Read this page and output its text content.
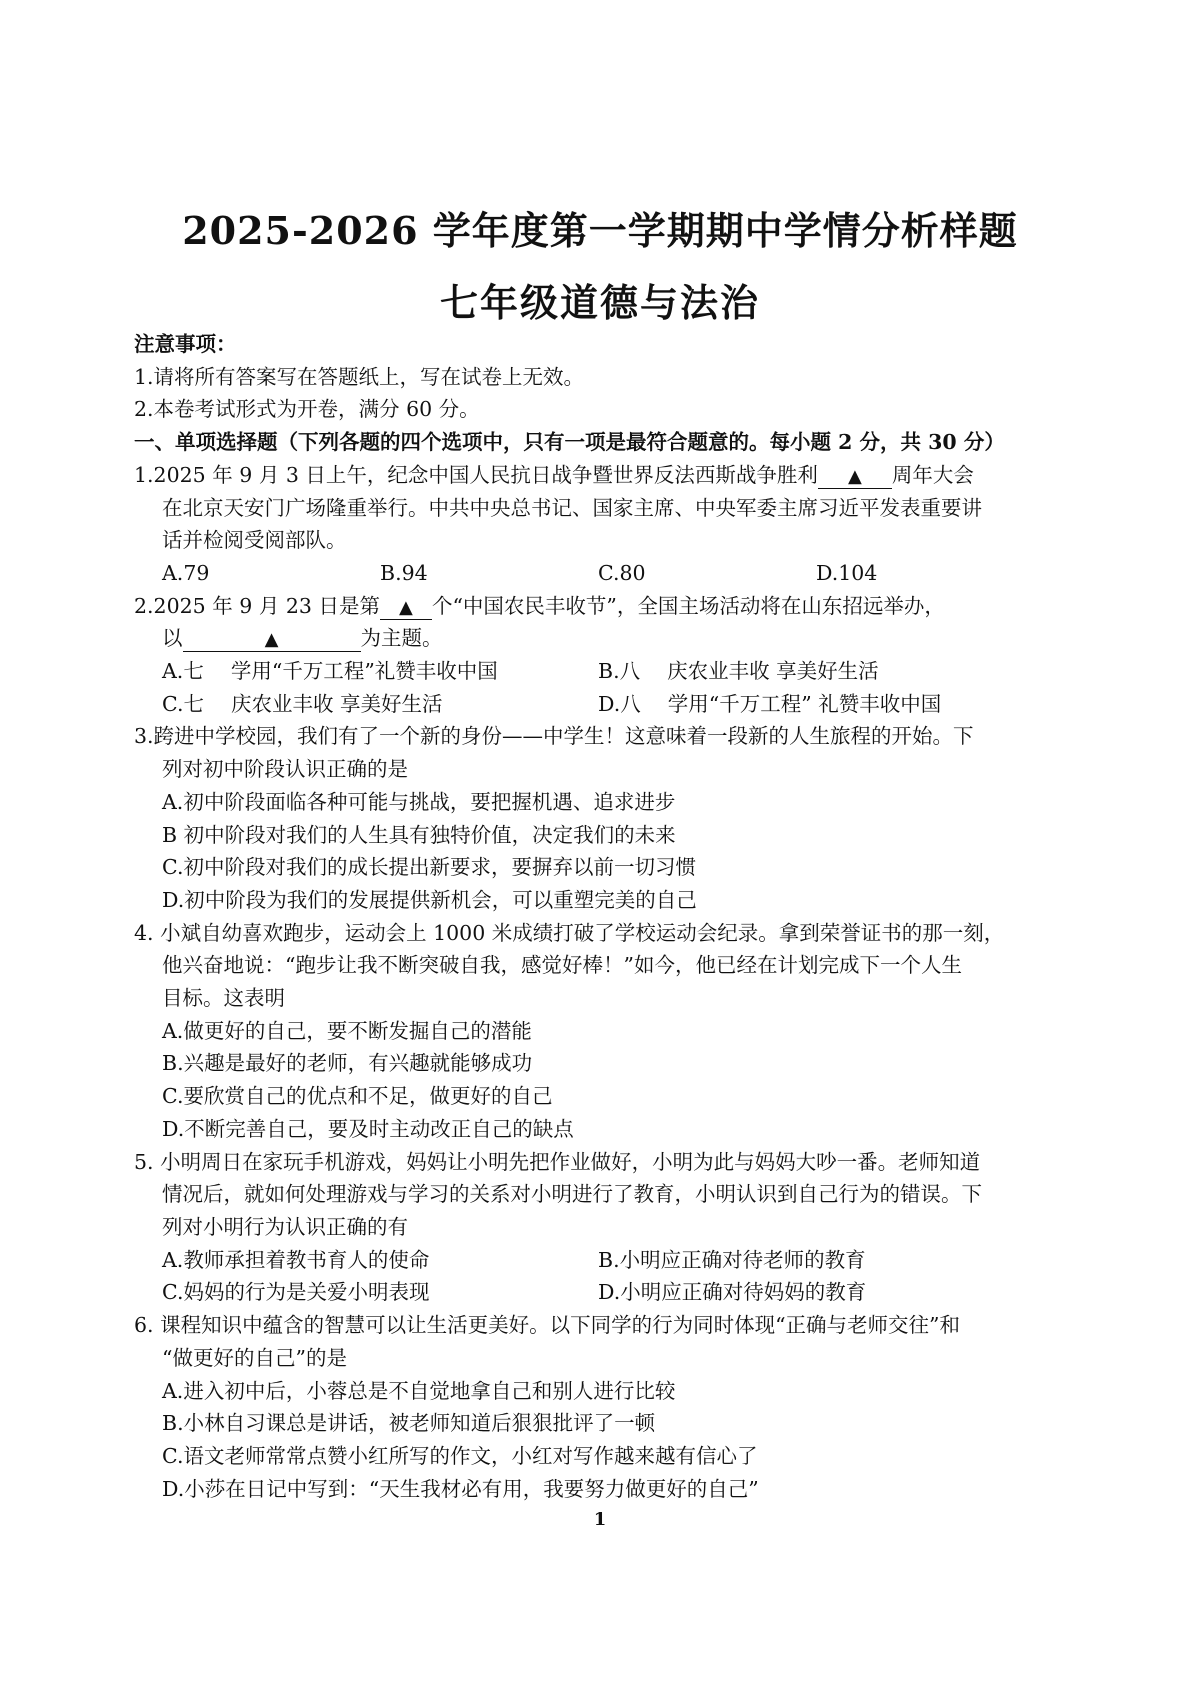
2025-2026 学年度第一学期期中学情分析样题
七年级道德与法治
注意事项：
1.请将所有答案写在答题纸上，写在试卷上无效。
2.本卷考试形式为开卷，满分 60 分。
一、单项选择题（下列各题的四个选项中，只有一项是最符合题意的。每小题 2 分，共 30 分）
1.2025 年 9 月 3 日上午，纪念中国人民抗日战争暨世界反法西斯战争胜利 ▲ 周年大会
在北京天安门广场隆重举行。中共中央总书记、国家主席、中央军委主席习近平发表重要讲
话并检阅受阅部队。
A.79	B.94	C.80	D.104
2.2025 年 9 月 23 日是第 ▲ 个“中国农民丰收节”，全国主场活动将在山东招远举办，
以	▲	为主题。
A.七　 学用“千万工程”礼赞丰收中国	B.八　 庆农业丰收 享美好生活
C.七　 庆农业丰收 享美好生活	D.八　 学用“千万工程” 礼赞丰收中国
3.跨进中学校园，我们有了一个新的身份——中学生！这意味着一段新的人生旅程的开始。下
列对初中阶段认识正确的是
A.初中阶段面临各种可能与挑战，要把握机遇、追求进步
B 初中阶段对我们的人生具有独特价值，决定我们的未来
C.初中阶段对我们的成长提出新要求，要摒弃以前一切习惯
D.初中阶段为我们的发展提供新机会，可以重塑完美的自己
4. 小斌自幼喜欢跑步，运动会上 1000 米成绩打破了学校运动会纪录。拿到荣誉证书的那一刻，
他兴奋地说：“跑步让我不断突破自我，感觉好棒！”如今，他已经在计划完成下一个人生
目标。这表明
A.做更好的自己，要不断发掘自己的潜能
B.兴趣是最好的老师，有兴趣就能够成功
C.要欣赏自己的优点和不足，做更好的自己
D.不断完善自己，要及时主动改正自己的缺点
5. 小明周日在家玩手机游戏，妈妈让小明先把作业做好，小明为此与妈妈大吵一番。老师知道
情况后，就如何处理游戏与学习的关系对小明进行了教育，小明认识到自己行为的错误。下
列对小明行为认识正确的有
A.教师承担着教书育人的使命	B.小明应正确对待老师的教育
C.妈妈的行为是关爱小明表现	D.小明应正确对待妈妈的教育
6. 课程知识中蕴含的智慧可以让生活更美好。以下同学的行为同时体现“正确与老师交往”和
“做更好的自己”的是
A.进入初中后，小蓉总是不自觉地拿自己和别人进行比较
B.小林自习课总是讲话，被老师知道后狠狠批评了一顿
C.语文老师常常点赞小红所写的作文，小红对写作越来越有信心了
D.小莎在日记中写到：“天生我材必有用，我要努力做更好的自己”
1
